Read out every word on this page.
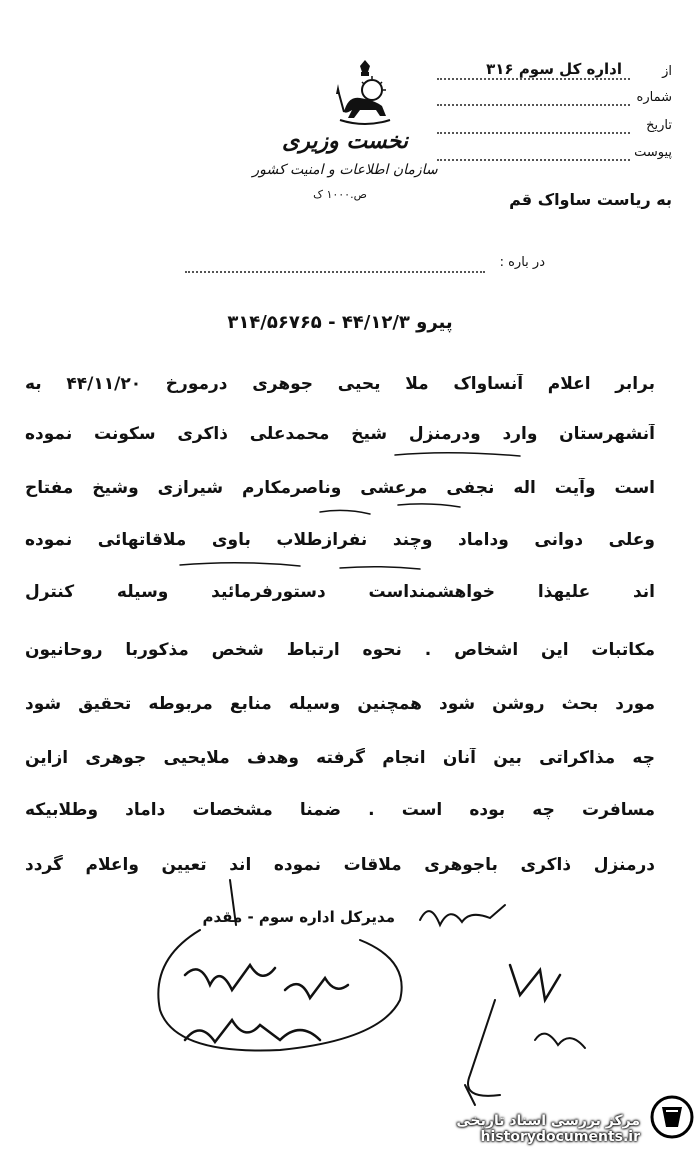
نخست وزیری
سازمان اطلاعات و امنیت کشور
ص.۱۰۰۰ ک
از
اداره کل سوم ۳۱۶
شماره
تاریخ
پیوست
به ریاست ساواک قم
در باره :
پیرو ۴۴/۱۲/۳ - ۳۱۴/۵۶۷۶۵
برابر اعلام آنساواک ملا یحیی جوهری درمورخ ۴۴/۱۱/۲۰ به
آنشهرستان وارد ودرمنزل شیخ محمدعلی ذاکری سکونت نموده
است وآیت اله نجفی مرعشی وناصرمکارم شیرازی وشیخ مفتاح
وعلی دوانی وداماد وچند نفرازطلاب باوی ملاقاتهائی نموده
اند علیهذا خواهشمنداست دستورفرمائید وسیله کنترل
مکاتبات این اشخاص . نحوه ارتباط شخص مذکوربا روحانیون
مورد بحث روشن شود همچنین وسیله منابع مربوطه تحقیق شود
چه مذاکراتی بین آنان انجام گرفته وهدف ملایحیی جوهری ازاین
مسافرت چه بوده است . ضمنا مشخصات داماد وطلابیکه
درمنزل ذاکری باجوهری ملاقات نموده اند تعیین واعلام گردد
مدیرکل اداره سوم - مقدم
مرکز بررسی اسناد تاریخی
historydocuments.ir
